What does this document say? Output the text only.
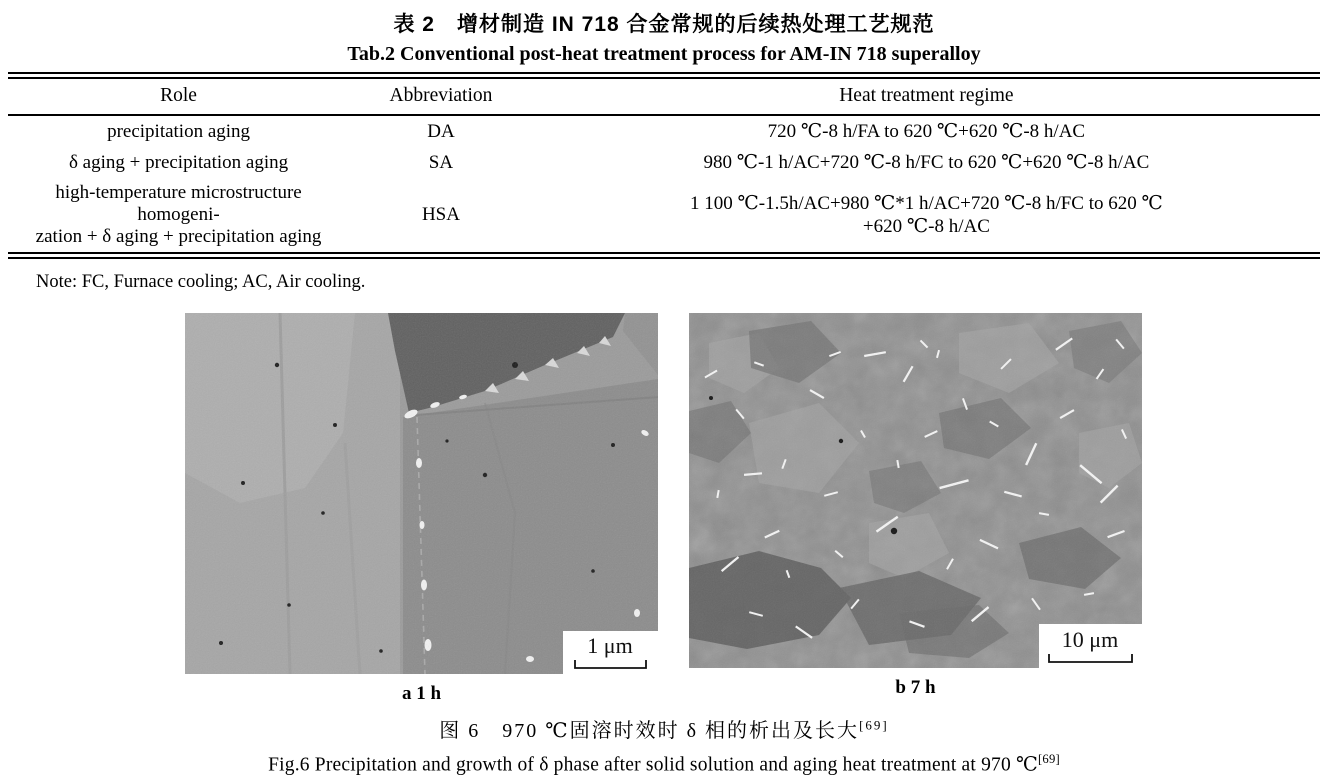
表 2　增材制造 IN 718 合金常规的后续热处理工艺规范
Tab.2 Conventional post-heat treatment process for AM-IN 718 superalloy
Role	Abbreviation	Heat treatment regime
precipitation aging	DA	720 ℃-8 h/FA to 620 ℃+620 ℃-8 h/AC
δ aging + precipitation aging	SA	980 ℃-1 h/AC+720 ℃-8 h/FC to 620 ℃+620 ℃-8 h/AC
high-temperature microstructure homogeni-
zation + δ aging + precipitation aging	HSA	1 100 ℃-1.5h/AC+980 ℃*1 h/AC+720 ℃-8 h/FC to 620 ℃
+620 ℃-8 h/AC
Note: FC, Furnace cooling; AC, Air cooling.
1 μm
a 1 h
10 μm
b 7 h
图 6　970 ℃固溶时效时 δ 相的析出及长大[69]
Fig.6 Precipitation and growth of δ phase after solid solution and aging heat treatment at 970 ℃[69]
